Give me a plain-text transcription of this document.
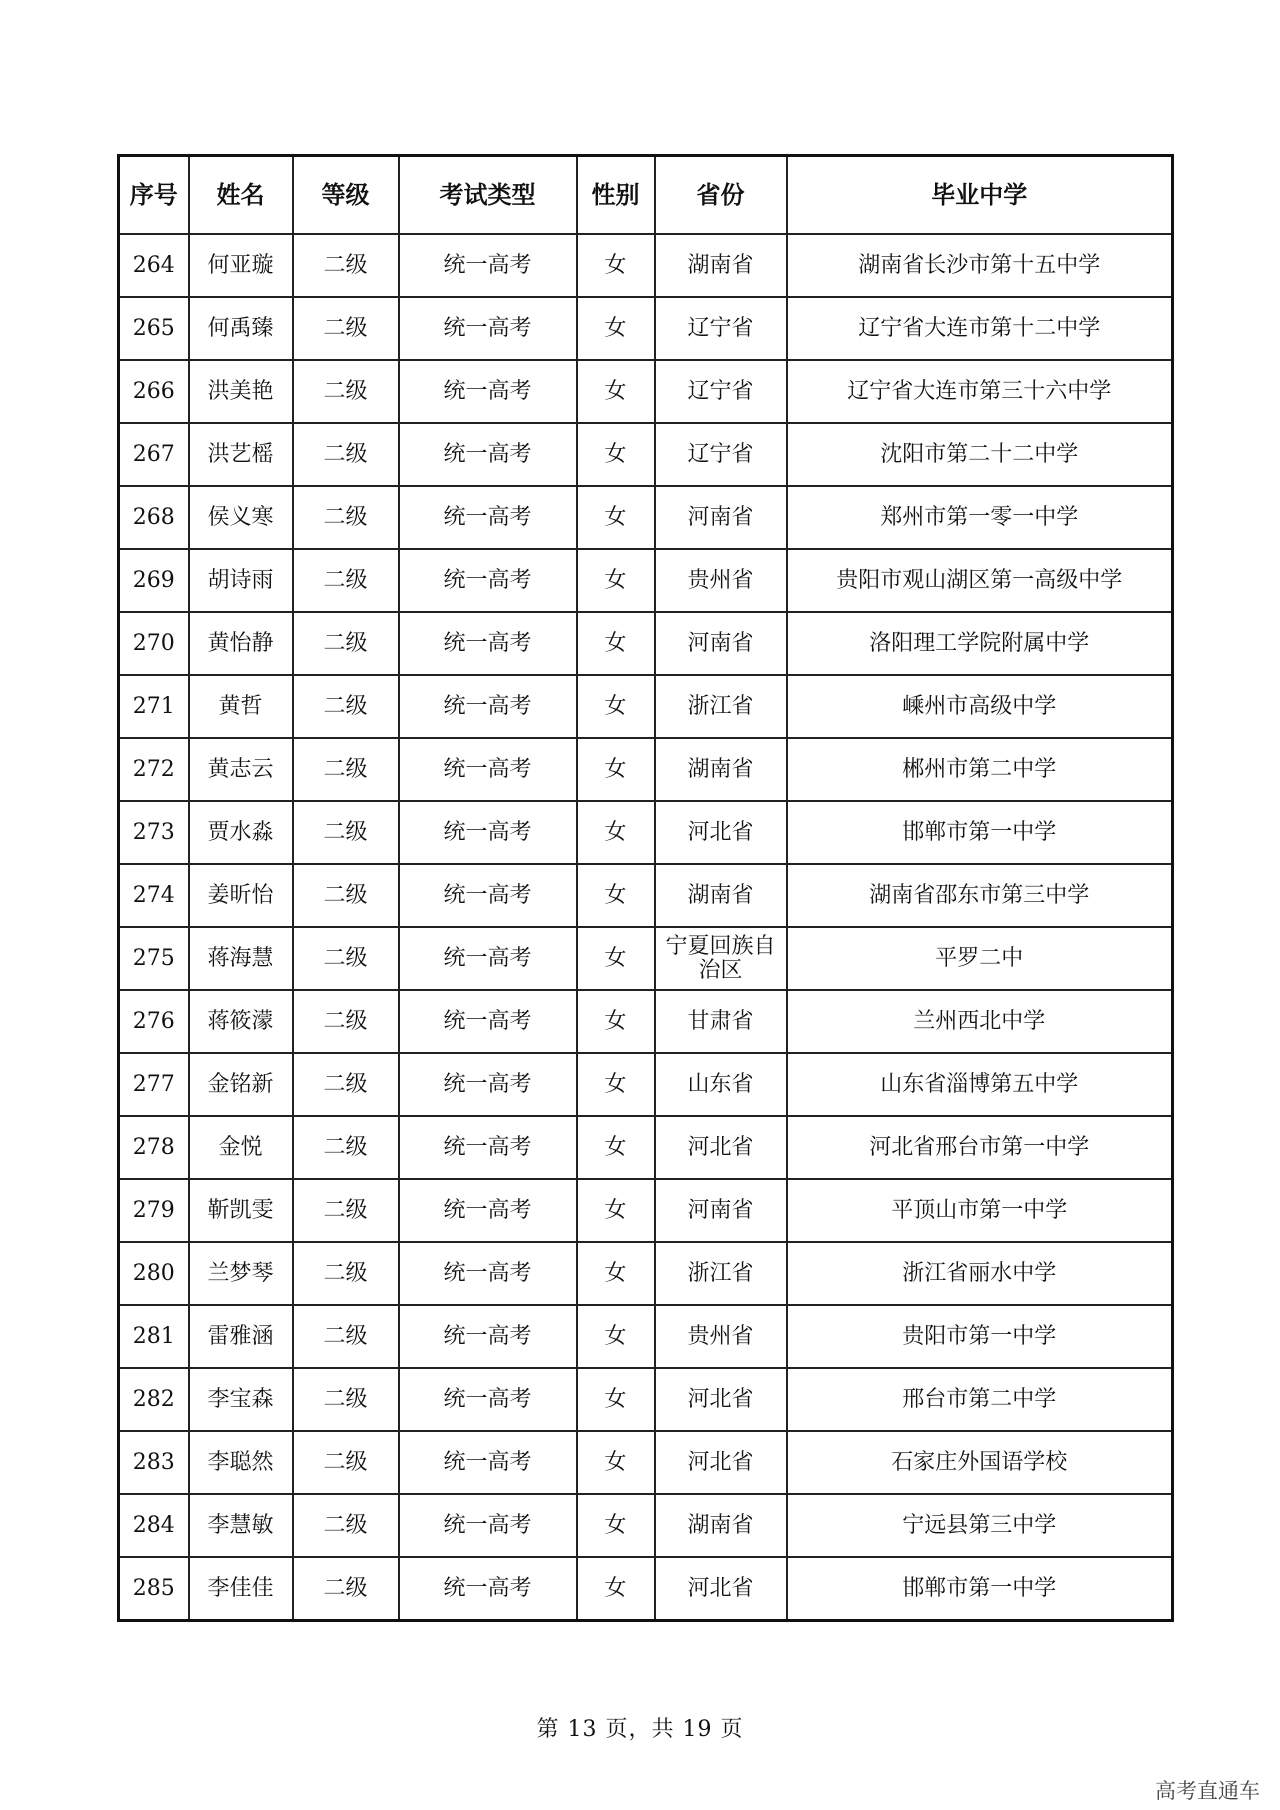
序号	姓名	等级	考试类型	性别	省份	毕业中学
264	何亚璇	二级	统一高考	女	湖南省	湖南省长沙市第十五中学
265	何禹臻	二级	统一高考	女	辽宁省	辽宁省大连市第十二中学
266	洪美艳	二级	统一高考	女	辽宁省	辽宁省大连市第三十六中学
267	洪艺榣	二级	统一高考	女	辽宁省	沈阳市第二十二中学
268	侯义寒	二级	统一高考	女	河南省	郑州市第一零一中学
269	胡诗雨	二级	统一高考	女	贵州省	贵阳市观山湖区第一高级中学
270	黄怡静	二级	统一高考	女	河南省	洛阳理工学院附属中学
271	黄哲	二级	统一高考	女	浙江省	嵊州市高级中学
272	黄志云	二级	统一高考	女	湖南省	郴州市第二中学
273	贾水淼	二级	统一高考	女	河北省	邯郸市第一中学
274	姜昕怡	二级	统一高考	女	湖南省	湖南省邵东市第三中学
275	蒋海慧	二级	统一高考	女	宁夏回族自治区	平罗二中
276	蒋筱濛	二级	统一高考	女	甘肃省	兰州西北中学
277	金铭新	二级	统一高考	女	山东省	山东省淄博第五中学
278	金悦	二级	统一高考	女	河北省	河北省邢台市第一中学
279	靳凯雯	二级	统一高考	女	河南省	平顶山市第一中学
280	兰梦琴	二级	统一高考	女	浙江省	浙江省丽水中学
281	雷雅涵	二级	统一高考	女	贵州省	贵阳市第一中学
282	李宝森	二级	统一高考	女	河北省	邢台市第二中学
283	李聪然	二级	统一高考	女	河北省	石家庄外国语学校
284	李慧敏	二级	统一高考	女	湖南省	宁远县第三中学
285	李佳佳	二级	统一高考	女	河北省	邯郸市第一中学
第 13 页，共 19 页
高考直通车
